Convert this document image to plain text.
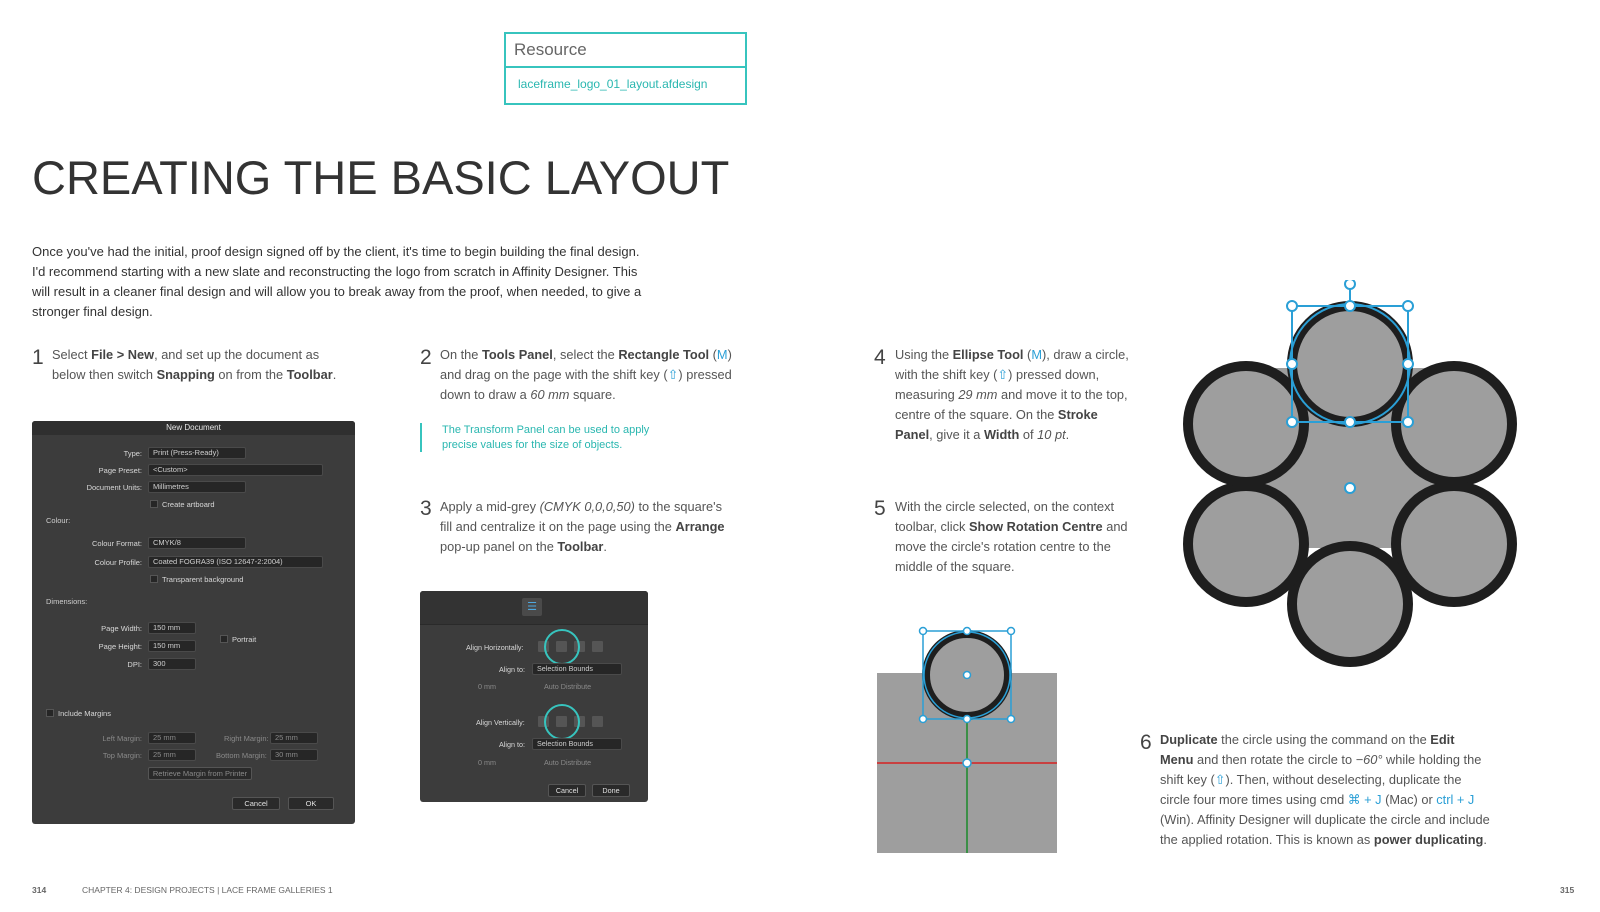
Resource
laceframe_logo_01_layout.afdesign
CREATING THE BASIC LAYOUT

Once you've had the initial, proof design signed off by the client, it's time to begin building the final design. I'd recommend starting with a new slate and reconstructing the logo from scratch in Affinity Designer. This will result in a cleaner final design and will allow you to break away from the proof, when needed, to give a stronger final design.

1 Select File > New, and set up the document as below then switch Snapping on from the Toolbar.

2 On the Tools Panel, select the Rectangle Tool (M) and drag on the page with the shift key (⇧) pressed down to draw a 60 mm square.

The Transform Panel can be used to apply precise values for the size of objects.
3 Apply a mid-grey (CMYK 0,0,0,50) to the square's fill and centralize it on the page using the Arrange pop-up panel on the Toolbar.

4 Using the Ellipse Tool (M), draw a circle, with the shift key (⇧) pressed down, measuring 29 mm and move it to the top, centre of the square. On the Stroke Panel, give it a Width of 10 pt.

5 With the circle selected, on the context toolbar, click Show Rotation Centre and move the circle's rotation centre to the middle of the square.

6 Duplicate the circle using the command on the Edit Menu and then rotate the circle to −60° while holding the shift key (⇧). Then, without deselecting, duplicate the circle four more times using cmd ⌘ + J (Mac) or ctrl + J (Win). Affinity Designer will duplicate the circle and include the applied rotation. This is known as power duplicating.

New Document
Type:	Print (Press-Ready)
Page Preset:	<Custom>
Document Units:	Millimetres
Create artboard
Colour:
Colour Format:	CMYK/8
Colour Profile:	Coated FOGRA39 (ISO 12647-2:2004)
Transparent background
Dimensions:
Page Width:	150 mm
Portrait
Page Height:	150 mm
DPI:	300
Include Margins
Left Margin:	25 mm	Right Margin: 25 mm
Top Margin:	25 mm	Bottom Margin:	30 mm
Retrieve Margin from Printer
Cancel	OK
☰
Align Horizontally:
Align to:	Selection Bounds
0 mm	Auto Distribute
Align Vertically:
Align to:	Selection Bounds
0 mm	Auto Distribute
Cancel	Done
314	CHAPTER 4: DESIGN PROJECTS | LACE FRAME GALLERIES 1	315
